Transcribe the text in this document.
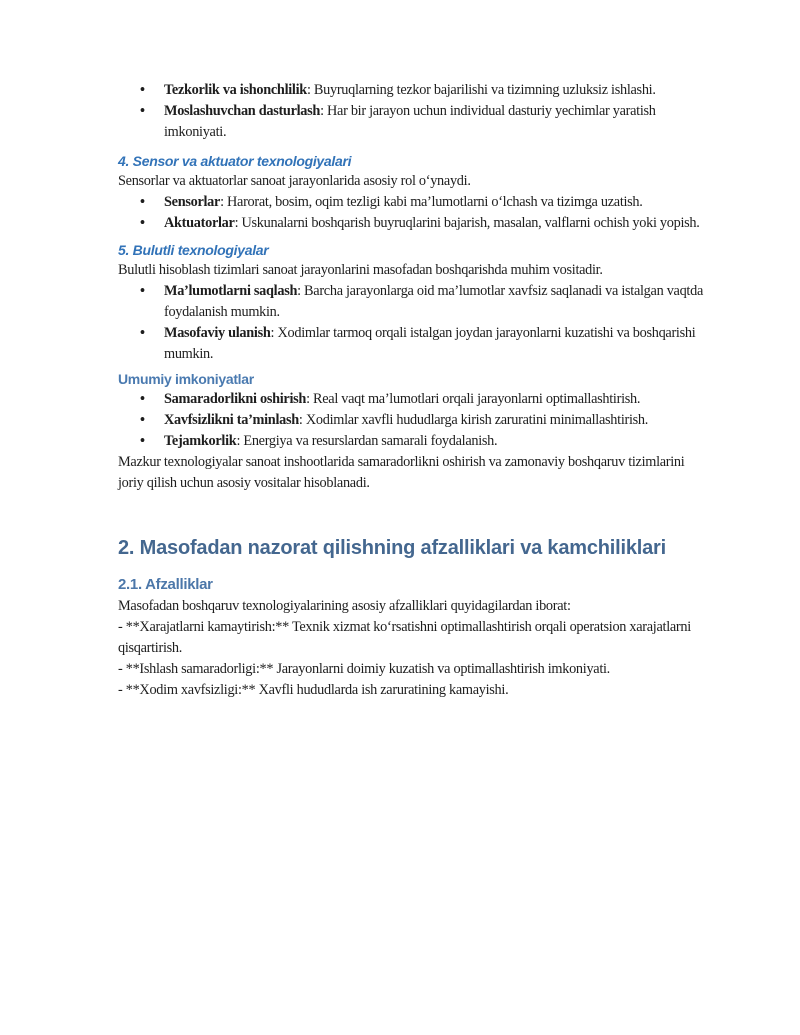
• Tezkorlik va ishonchlilik: Buyruqlarning tezkor bajarilishi va tizimning uzluksiz ishlashi.
• Moslashuvchan dasturlash: Har bir jarayon uchun individual dasturiy yechimlar yaratish imkoniyati.
4. Sensor va aktuator texnologiyalari

Sensorlar va aktuatorlar sanoat jarayonlarida asosiy rol oʻynaydi.

• Sensorlar: Harorat, bosim, oqim tezligi kabi ma’lumotlarni oʻlchash va tizimga uzatish.
• Aktuatorlar: Uskunalarni boshqarish buyruqlarini bajarish, masalan, valflarni ochish yoki yopish.
5. Bulutli texnologiyalar

Bulutli hisoblash tizimlari sanoat jarayonlarini masofadan boshqarishda muhim vositadir.

• Ma’lumotlarni saqlash: Barcha jarayonlarga oid ma’lumotlar xavfsiz saqlanadi va istalgan vaqtda foydalanish mumkin.
• Masofaviy ulanish: Xodimlar tarmoq orqali istalgan joydan jarayonlarni kuzatishi va boshqarishi mumkin.
Umumiy imkoniyatlar
• Samaradorlikni oshirish: Real vaqt ma’lumotlari orqali jarayonlarni optimallashtirish.
• Xavfsizlikni ta’minlash: Xodimlar xavfli hududlarga kirish zaruratini minimallashtirish.
• Tejamkorlik: Energiya va resurslardan samarali foydalanish.

Mazkur texnologiyalar sanoat inshootlarida samaradorlikni oshirish va zamonaviy boshqaruv tizimlarini joriy qilish uchun asosiy vositalar hisoblanadi.

2. Masofadan nazorat qilishning afzalliklari va kamchiliklari
2.1. Afzalliklar

Masofadan boshqaruv texnologiyalarining asosiy afzalliklari quyidagilardan iborat:

- **Xarajatlarni kamaytirish:** Texnik xizmat koʻrsatishni optimallashtirish orqali operatsion xarajatlarni qisqartirish.

- **Ishlash samaradorligi:** Jarayonlarni doimiy kuzatish va optimallashtirish imkoniyati.

- **Xodim xavfsizligi:** Xavfli hududlarda ish zaruratining kamayishi.
